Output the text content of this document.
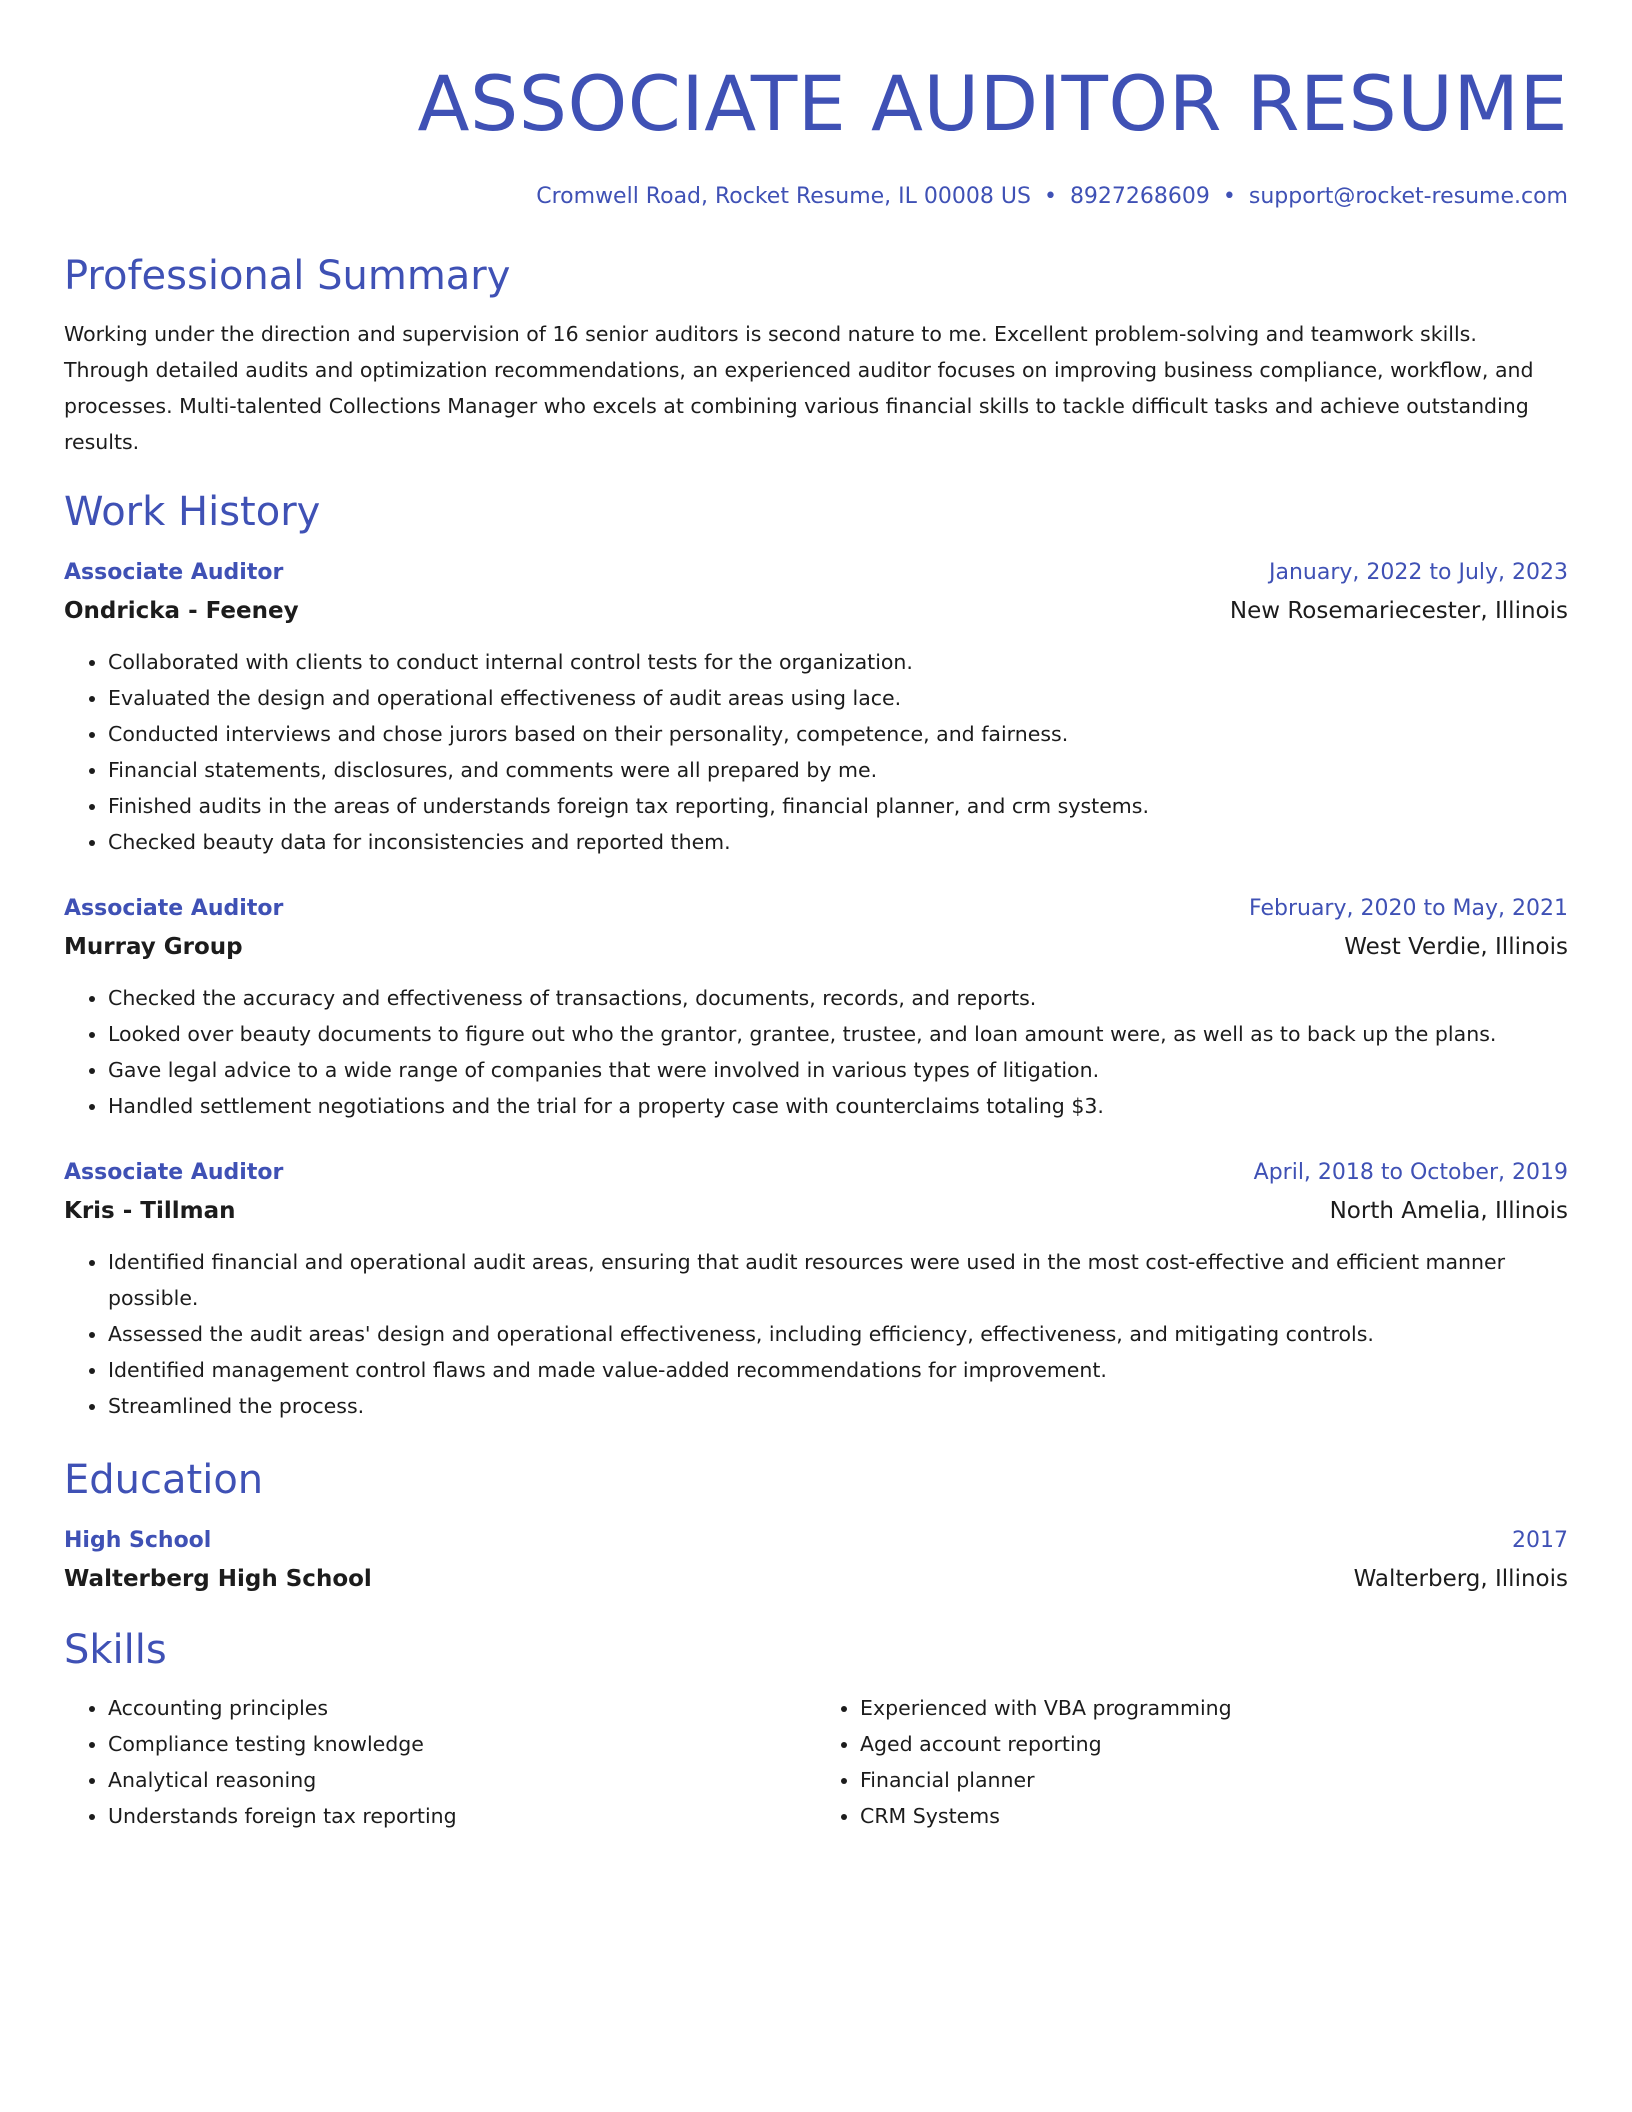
ASSOCIATE AUDITOR RESUME
Cromwell Road, Rocket Resume, IL 00008 US • 8927268609 • support@rocket-resume.com
Professional Summary

Working under the direction and supervision of 16 senior auditors is second nature to me. Excellent problem-solving and teamwork skills. Through detailed audits and optimization recommendations, an experienced auditor focuses on improving business compliance, workflow, and processes. Multi-talented Collections Manager who excels at combining various financial skills to tackle difficult tasks and achieve outstanding results.

Work History
Associate Auditor	January, 2022 to July, 2023
Ondricka - Feeney	New Rosemariecester, Illinois
• Collaborated with clients to conduct internal control tests for the organization.
• Evaluated the design and operational effectiveness of audit areas using lace.
• Conducted interviews and chose jurors based on their personality, competence, and fairness.
• Financial statements, disclosures, and comments were all prepared by me.
• Finished audits in the areas of understands foreign tax reporting, financial planner, and crm systems.
• Checked beauty data for inconsistencies and reported them.
Associate Auditor	February, 2020 to May, 2021
Murray Group	West Verdie, Illinois
• Checked the accuracy and effectiveness of transactions, documents, records, and reports.
• Looked over beauty documents to figure out who the grantor, grantee, trustee, and loan amount were, as well as to back up the plans.
• Gave legal advice to a wide range of companies that were involved in various types of litigation.
• Handled settlement negotiations and the trial for a property case with counterclaims totaling $3.
Associate Auditor	April, 2018 to October, 2019
Kris - Tillman	North Amelia, Illinois
• Identified financial and operational audit areas, ensuring that audit resources were used in the most cost-effective and efficient manner possible.
• Assessed the audit areas' design and operational effectiveness, including efficiency, effectiveness, and mitigating controls.
• Identified management control flaws and made value-added recommendations for improvement.
• Streamlined the process.
Education
High School	2017
Walterberg High School	Walterberg, Illinois
Skills
• Accounting principles
• Compliance testing knowledge
• Analytical reasoning
• Understands foreign tax reporting
• Experienced with VBA programming
• Aged account reporting
• Financial planner
• CRM Systems
